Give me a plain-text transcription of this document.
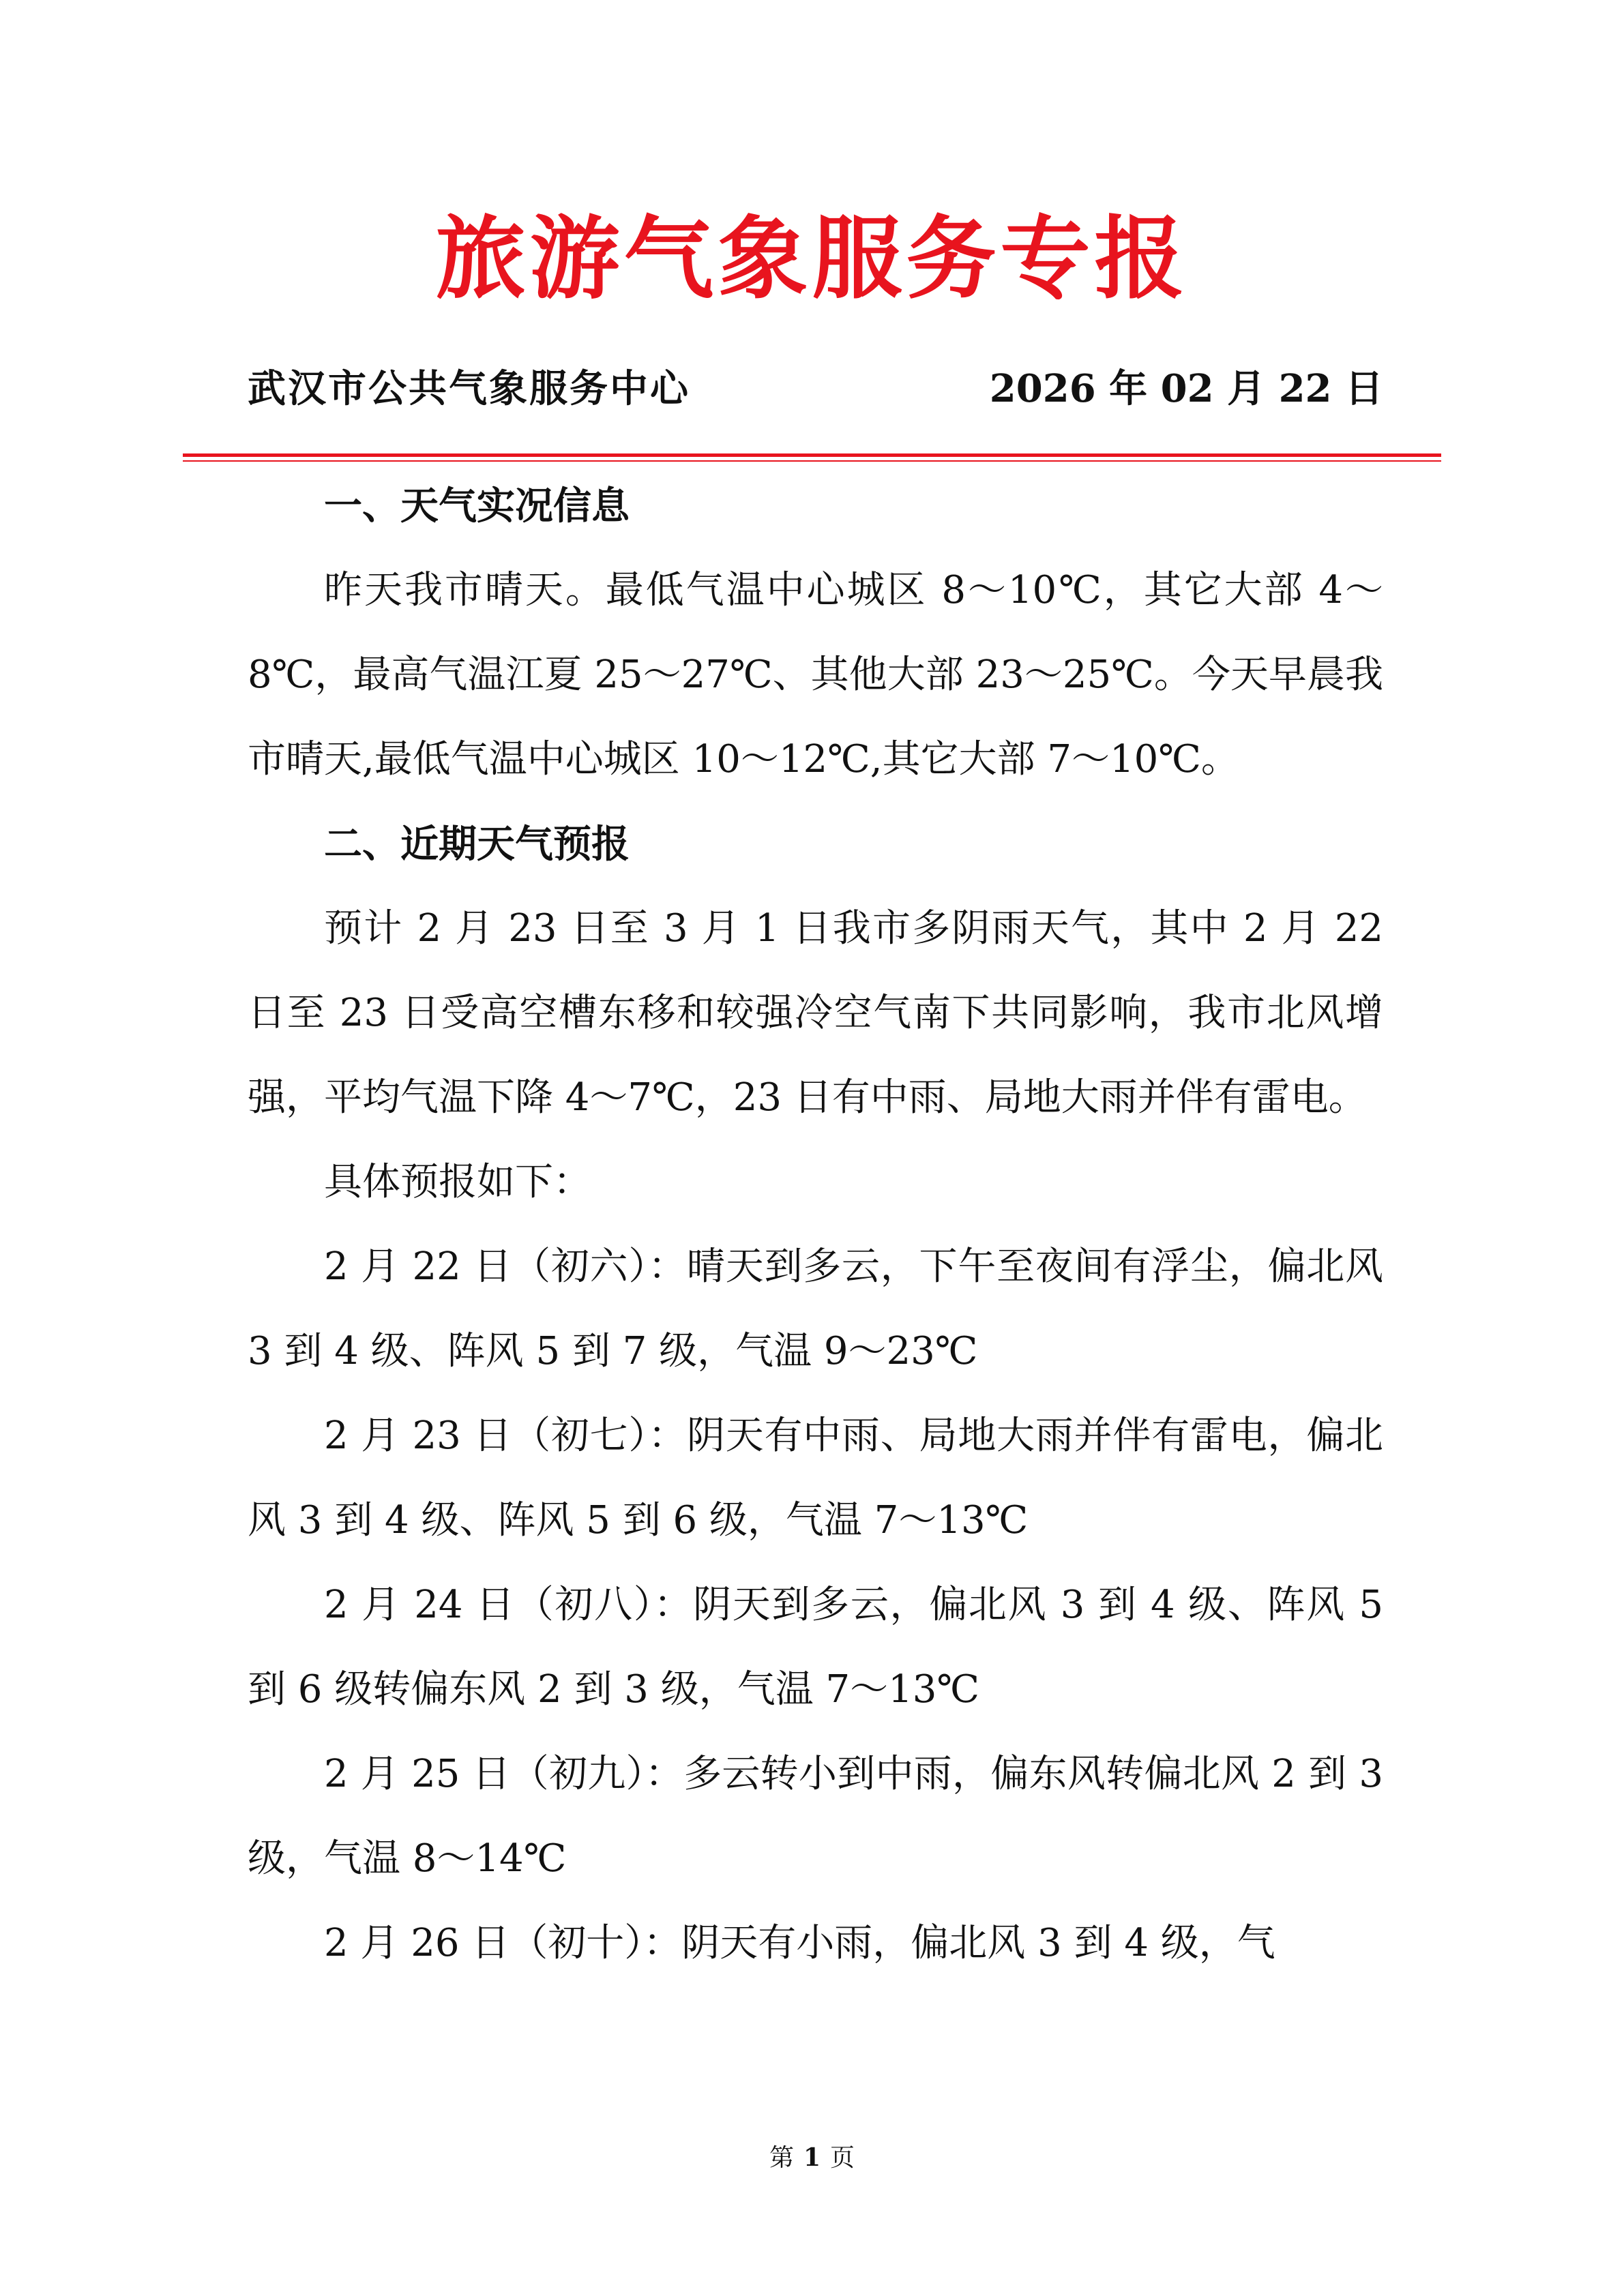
旅游气象服务专报
武汉市公共气象服务中心	2026 年 02 月 22 日
一、天气实况信息

昨天我市晴天。最低气温中心城区 8～10℃，其它大部 4～8℃，最高气温江夏 25～27℃、其他大部 23～25℃。今天早晨我市晴天,最低气温中心城区 10～12℃,其它大部 7～10℃。

二、近期天气预报

预计 2 月 23 日至 3 月 1 日我市多阴雨天气，其中 2 月 22 日至 23 日受高空槽东移和较强冷空气南下共同影响，我市北风增强，平均气温下降 4～7℃，23 日有中雨、局地大雨并伴有雷电。

具体预报如下：

2 月 22 日（初六）：晴天到多云，下午至夜间有浮尘，偏北风 3 到 4 级、阵风 5 到 7 级，气温 9～23℃

2 月 23 日（初七）：阴天有中雨、局地大雨并伴有雷电，偏北风 3 到 4 级、阵风 5 到 6 级，气温 7～13℃

2 月 24 日（初八）：阴天到多云，偏北风 3 到 4 级、阵风 5 到 6 级转偏东风 2 到 3 级，气温 7～13℃

2 月 25 日（初九）：多云转小到中雨，偏东风转偏北风 2 到 3 级，气温 8～14℃

2 月 26 日（初十）：阴天有小雨，偏北风 3 到 4 级，气

第 1 页
